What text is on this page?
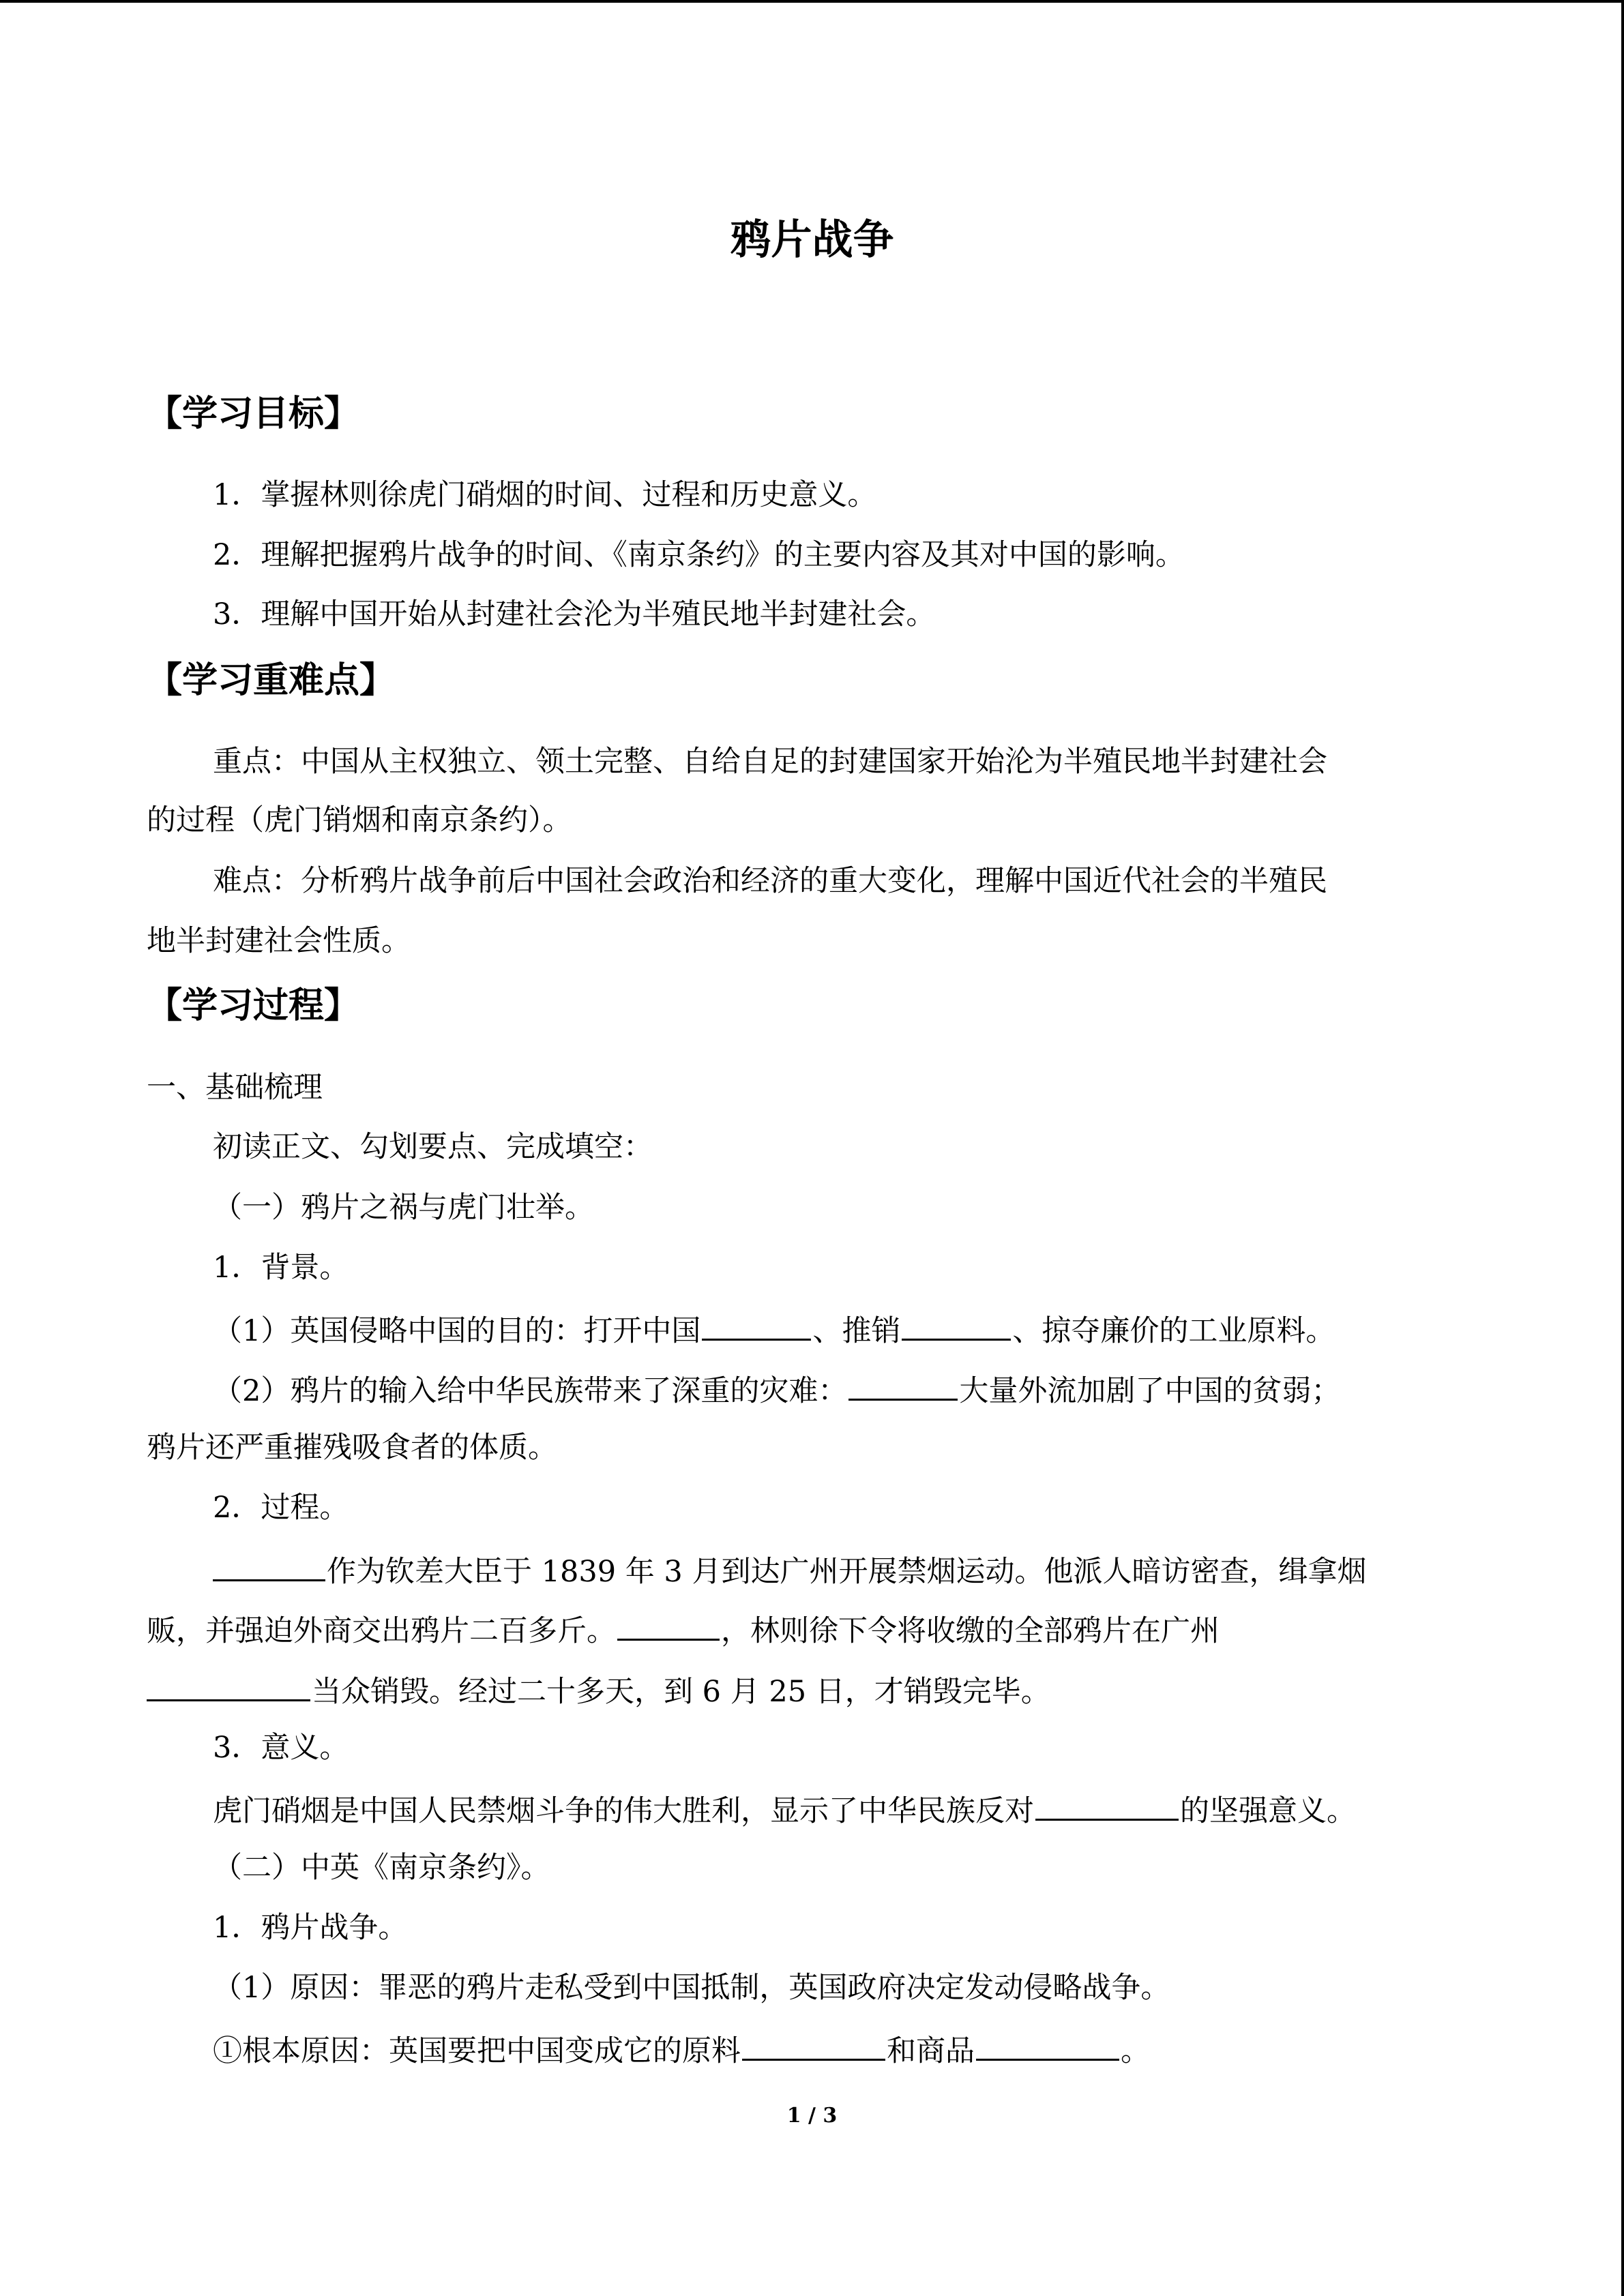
鸦片战争
【学习目标】
1．掌握林则徐虎门硝烟的时间、过程和历史意义。
2．理解把握鸦片战争的时间、《南京条约》的主要内容及其对中国的影响。
3．理解中国开始从封建社会沦为半殖民地半封建社会。
【学习重难点】
重点：中国从主权独立、领土完整、自给自足的封建国家开始沦为半殖民地半封建社会
的过程（虎门销烟和南京条约）。
难点：分析鸦片战争前后中国社会政治和经济的重大变化，理解中国近代社会的半殖民
地半封建社会性质。
【学习过程】
一、基础梳理
初读正文、勾划要点、完成填空：
（一）鸦片之祸与虎门壮举。
1．背景。
（1）英国侵略中国的目的：打开中国	、推销	、掠夺廉价的工业原料。
（2）鸦片的输入给中华民族带来了深重的灾难：	大量外流加剧了中国的贫弱；
鸦片还严重摧残吸食者的体质。
2．过程。
作为钦差大臣于 1839 年 3 月到达广州开展禁烟运动。他派人暗访密查，缉拿烟
贩，并强迫外商交出鸦片二百多斤。	，林则徐下令将收缴的全部鸦片在广州
当众销毁。经过二十多天，到 6 月 25 日，才销毁完毕。
3．意义。
虎门硝烟是中国人民禁烟斗争的伟大胜利，显示了中华民族反对	的坚强意义。
（二）中英《南京条约》。
1．鸦片战争。
（1）原因：罪恶的鸦片走私受到中国抵制，英国政府决定发动侵略战争。
①根本原因：英国要把中国变成它的原料	和商品	。
1 / 3
